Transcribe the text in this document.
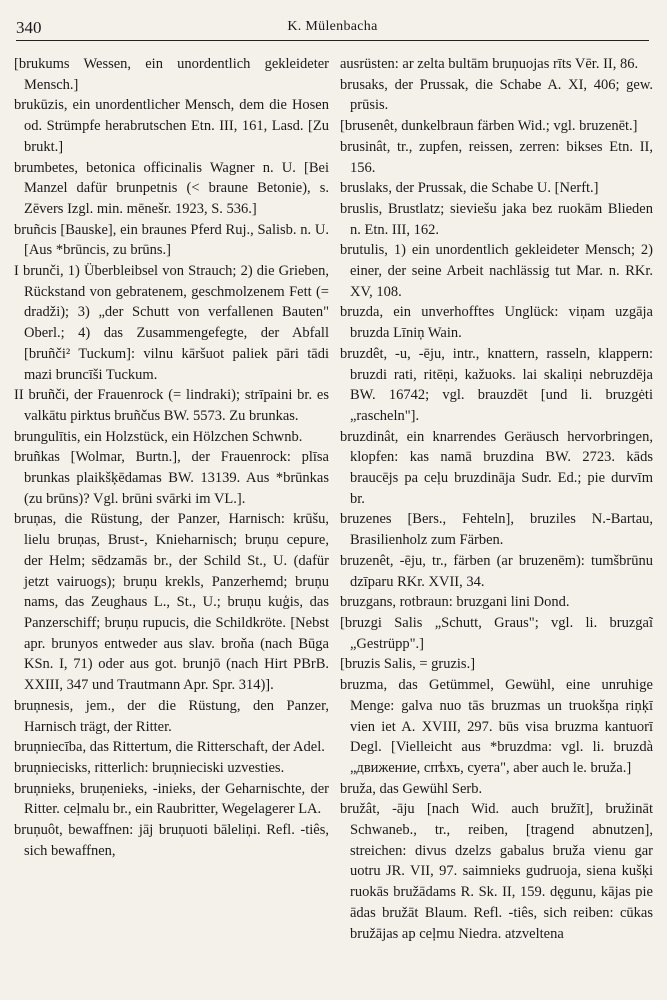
340	K. Mülenbacha

[brukums Wessen, ein unordentlich gekleideter Mensch.]

brukūzis, ein unordentlicher Mensch, dem die Hosen od. Strümpfe herabrutschen Etn. III, 161, Lasd. [Zu brukt.]

brumbetes, betonica officinalis Wagner n. U. [Bei Manzel dafür brunpetnis (< braune Betonie), s. Zēvers Izgl. min. mēnešr. 1923, S. 536.]

bruñcis [Bauske], ein braunes Pferd Ruj., Salisb. n. U. [Aus *brūncis, zu brūns.]

I brunči, 1) Überbleibsel von Strauch; 2) die Grieben, Rückstand von gebratenem, geschmolzenem Fett (= dradži); 3) „der Schutt von verfallenen Bauten" Oberl.; 4) das Zusammengefegte, der Abfall [bruñči² Tuckum]: vilnu kāršuot paliek pāri tādi mazi bruncīši Tuckum.

II bruñči, der Frauenrock (= lindraki); strīpaini br. es valkātu pirktus bruñčus BW. 5573. Zu brunkas.

brungulītis, ein Holzstück, ein Hölzchen Schwnb.

bruñkas [Wolmar, Burtn.], der Frauenrock: plīsa brunkas plaikšķēdamas BW. 13139. Aus *brūnkas (zu brūns)? Vgl. brūni svārki im VL.].

bruņas, die Rüstung, der Panzer, Harnisch: krūšu, lielu bruņas, Brust-, Knieharnisch; bruņu cepure, der Helm; sēdzamās br., der Schild St., U. (dafür jetzt vairuogs); bruņu krekls, Panzerhemd; bruņu nams, das Zeughaus L., St., U.; bruņu kuģis, das Panzerschiff; bruņu rupucis, die Schildkröte. [Nebst apr. brunyos entweder aus slav. broňa (nach Būga KSn. I, 71) oder aus got. brunjō (nach Hirt PBrB. XXIII, 347 und Trautmann Apr. Spr. 314)].

bruņnesis, jem., der die Rüstung, den Panzer, Harnisch trägt, der Ritter.

bruņniecība, das Rittertum, die Ritterschaft, der Adel.

bruņniecisks, ritterlich: bruņnieciski uzvesties.

bruņnieks, bruņenieks, -inieks, der Geharnischte, der Ritter. ceļmalu br., ein Raubritter, Wegelagerer LA.

bruņuôt, bewaffnen: jāj bruņuoti bāleliņi. Refl. -tiês, sich bewaffnen,

ausrüsten: ar zelta bultām bruņuojas rīts Vēr. II, 86.

brusaks, der Prussak, die Schabe A. XI, 406; gew. prūsis.

[brusenêt, dunkelbraun färben Wid.; vgl. bruzenēt.]

brusinât, tr., zupfen, reissen, zerren: bikses Etn. II, 156.

bruslaks, der Prussak, die Schabe U. [Nerft.]

bruslis, Brustlatz; sieviešu jaka bez ruokām Blieden n. Etn. III, 162.

brutulis, 1) ein unordentlich gekleideter Mensch; 2) einer, der seine Arbeit nachlässig tut Mar. n. RKr. XV, 108.

bruzda, ein unverhofftes Unglück: viņam uzgāja bruzda Līniņ Wain.

bruzdêt, -u, -ēju, intr., knattern, rasseln, klappern: bruzdi rati, ritēņi, kažuoks. lai skaliņi nebruzdēja BW. 16742; vgl. brauzdēt [und li. bruzgėti „rascheln"].

bruzdinât, ein knarrendes Geräusch hervorbringen, klopfen: kas namā bruzdina BW. 2723. kāds braucējs pa ceļu bruzdināja Sudr. Ed.; pie durvīm br.

bruzenes [Bers., Fehteln], bruziles N.-Bartau, Brasilienholz zum Färben.

bruzenêt, -ēju, tr., färben (ar bruzenēm): tumšbrūnu dzīparu RKr. XVII, 34.

bruzgans, rotbraun: bruzgani lini Dond.

[bruzgi Salis „Schutt, Graus"; vgl. li. bruzgaĩ „Gestrüpp".]

[bruzis Salis, = gruzis.]

bruzma, das Getümmel, Gewühl, eine unruhige Menge: galva nuo tās bruzmas un truokšņa riņķī vien iet A. XVIII, 297. būs visa bruzma kantuorī Degl. [Vielleicht aus *bruzdma: vgl. li. bruzdà „движение, спѣхъ, суета", aber auch le. bruža.]

bruža, das Gewühl Serb.

bružât, -āju [nach Wid. auch bružīt], bružināt Schwaneb., tr., reiben, [tragend abnutzen], streichen: divus dzelzs gabalus bruža vienu gar uotru JR. VII, 97. saimnieks gudruoja, siena kušķi ruokās bružādams R. Sk. II, 159. dęgunu, kājas pie ādas bružāt Blaum. Refl. -tiês, sich reiben: cūkas bružājas ap ceļmu Niedra. atzveltena
